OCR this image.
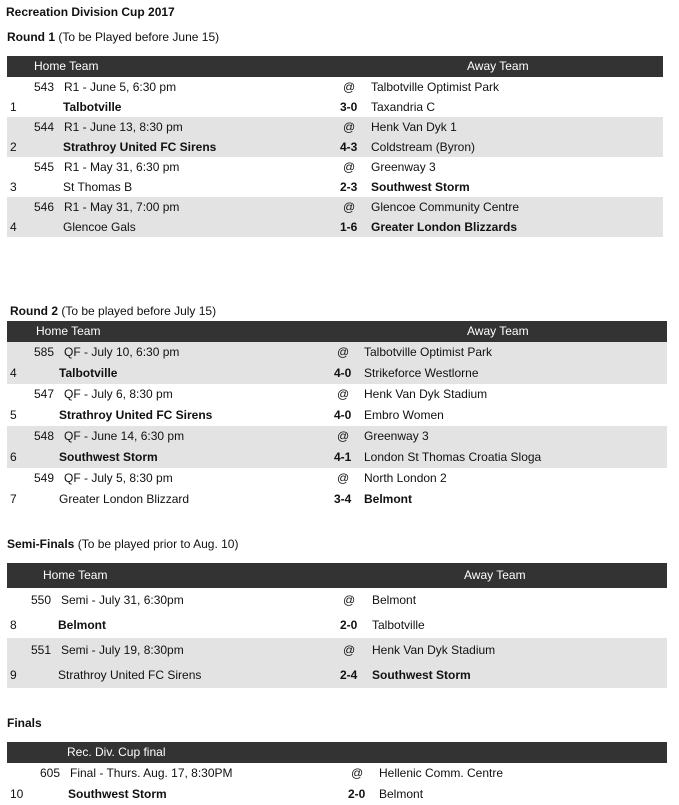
Recreation Division Cup 2017
Round 1 (To be Played before June 15)
Home Team	Away Team
543 R1 - June 5, 6:30 pm	@ Talbotville Optimist Park
1	Talbotville	3-0 Taxandria C
544 R1 - June 13, 8:30 pm	@ Henk Van Dyk 1
2	Strathroy United FC Sirens	4-3 Coldstream (Byron)
545 R1 - May 31, 6:30 pm	@ Greenway 3
3	St Thomas B	2-3 Southwest Storm
546 R1 - May 31, 7:00 pm	@ Glencoe Community Centre
4	Glencoe Gals	1-6 Greater London Blizzards
Round 2 (To be played before July 15)
Home Team	Away Team
585 QF - July 10, 6:30 pm	@ Talbotville Optimist Park
4	Talbotville	4-0 Strikeforce Westlorne
547 QF - July 6, 8:30 pm	@ Henk Van Dyk Stadium
5	Strathroy United FC Sirens	4-0 Embro Women
548 QF - June 14, 6:30 pm	@ Greenway 3
6	Southwest Storm	4-1 London St Thomas Croatia Sloga
549 QF - July 5, 8:30 pm	@ North London 2
7	Greater London Blizzard	3-4 Belmont
Semi-Finals (To be played prior to Aug. 10)
Home Team	Away Team
550 Semi - July 31, 6:30pm	@ Belmont
8	Belmont	2-0 Talbotville
551 Semi - July 19, 8:30pm	@ Henk Van Dyk Stadium
9	Strathroy United FC Sirens	2-4 Southwest Storm
Finals
Rec. Div. Cup final
605 Final - Thurs. Aug. 17, 8:30PM	@ Hellenic Comm. Centre
10	Southwest Storm	2-0 Belmont
